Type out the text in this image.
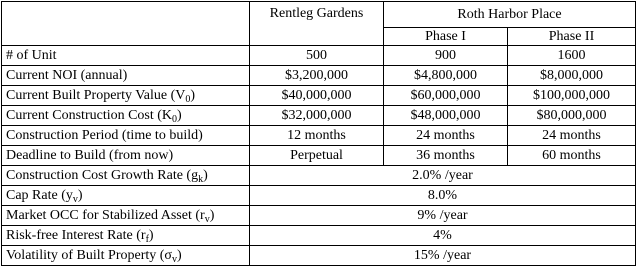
	Rentleg Gardens	Roth Harbor Place	
		Phase I	Phase II
# of Unit	500	900	1600
Current NOI (annual)	$3,200,000	$4,800,000	$8,000,000
Current Built Property Value $(V_0)$	$40,000,000	$60,000,000	$100,000,000
Current Construction Cost $(K_0)$	$32,000,000	$48,000,000	$80,000,000
Construction Period (time to build)	12 months	24 months	24 months
Deadline to Build (from now)	Perpetual	36 months	60 months
Construction Cost Growth Rate $(g_k)$	2.0% /year		
Cap Rate $(y_v)$	8.0%		
Market OCC for Stabilized Asset $(r_v)$	9% /year		
Risk-free Interest Rate $(r_f)$	4%		
Volatility of Built Property $(\sigma_v)$	15% /year		
